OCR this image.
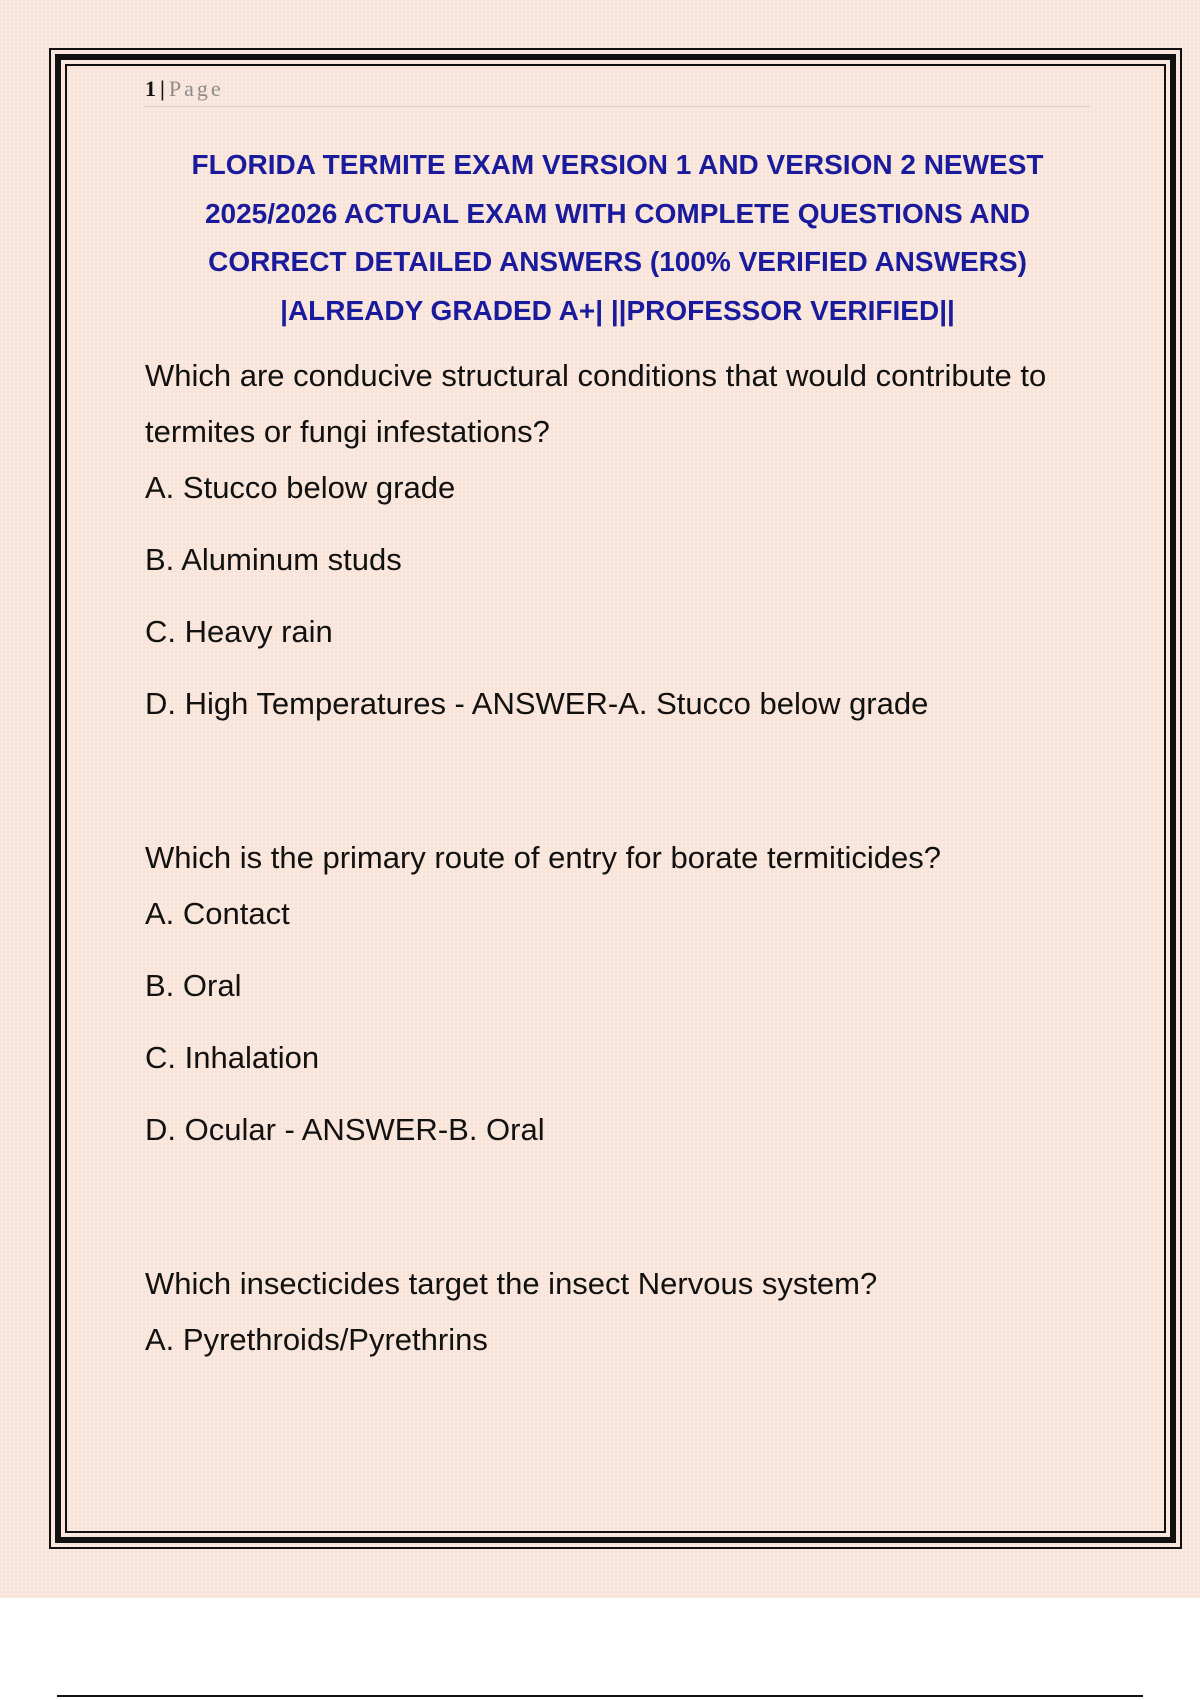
1 | Page
FLORIDA TERMITE EXAM VERSION 1 AND VERSION 2 NEWEST 2025/2026 ACTUAL EXAM WITH COMPLETE QUESTIONS AND CORRECT DETAILED ANSWERS (100% VERIFIED ANSWERS) |ALREADY GRADED A+| ||PROFESSOR VERIFIED||
Which are conducive structural conditions that would contribute to termites or fungi infestations?
A. Stucco below grade
B. Aluminum studs
C. Heavy rain
D. High Temperatures - ANSWER-A. Stucco below grade
Which is the primary route of entry for borate termiticides?
A. Contact
B. Oral
C. Inhalation
D. Ocular - ANSWER-B. Oral
Which insecticides target the insect Nervous system?
A. Pyrethroids/Pyrethrins
